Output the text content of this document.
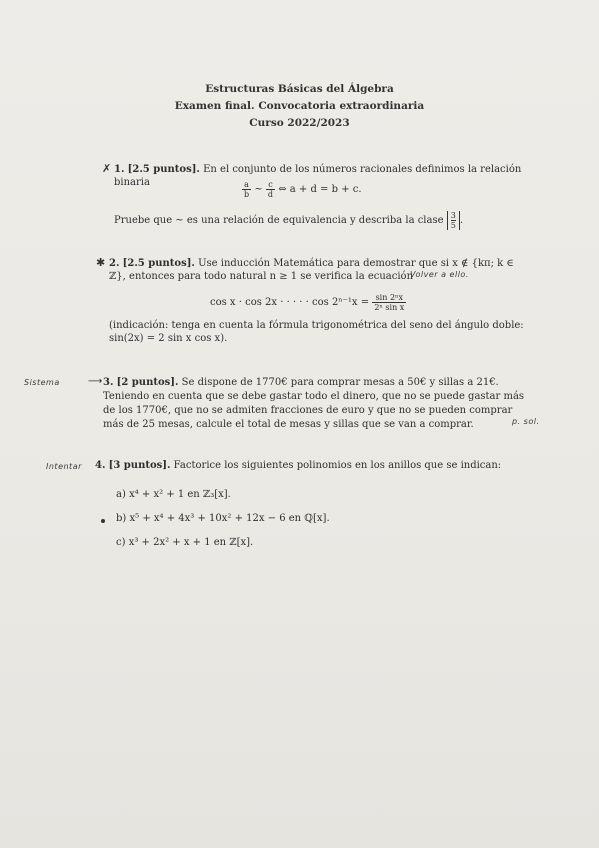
Estructuras Básicas del Álgebra
Examen final. Convocatoria extraordinaria
Curso 2022/2023
✗ 1. [2.5 puntos]. En el conjunto de los números racionales definimos la relación
binaria	$\frac{a}{b}$ ~ $\frac{c}{d}$ ⇔ a + d = b + c.
Pruebe que ~ es una relación de equivalencia y describa la clase $\frac{3}{5}$ .
✱ 2. [2.5 puntos]. Use inducción Matemática para demostrar que si x ∉ {kπ; k ∈
ℤ}, entonces para todo natural n ≥ 1 se verifica la ecuación
Volver a ello.
cos x · cos 2x · · · · · $\cos 2^{n-1}x = \frac{\text{sin 2ⁿx}}{\text{2ⁿ sin x}}$
(indicación: tenga en cuenta la fórmula trigonométrica del seno del ángulo doble:
sin(2x) = 2 sin x cos x).
Sistema	⟶ 3. [2 puntos]. Se dispone de 1770€ para comprar mesas a 50€ y sillas a 21€.
Teniendo en cuenta que se debe gastar todo el dinero, que no se puede gastar más
de los 1770€, que no se admiten fracciones de euro y que no se pueden comprar
más de 25 mesas, calcule el total de mesas y sillas que se van a comprar.	p. sol.
Intentar 4. [3 puntos]. Factorice los siguientes polinomios en los anillos que se indican:
a) x⁴ + x² + 1 en ℤ₃[x].
b) x⁵ + x⁴ + 4x³ + 10x² + 12x − 6 en ℚ[x].
c) x³ + 2x² + x + 1 en ℤ[x].
